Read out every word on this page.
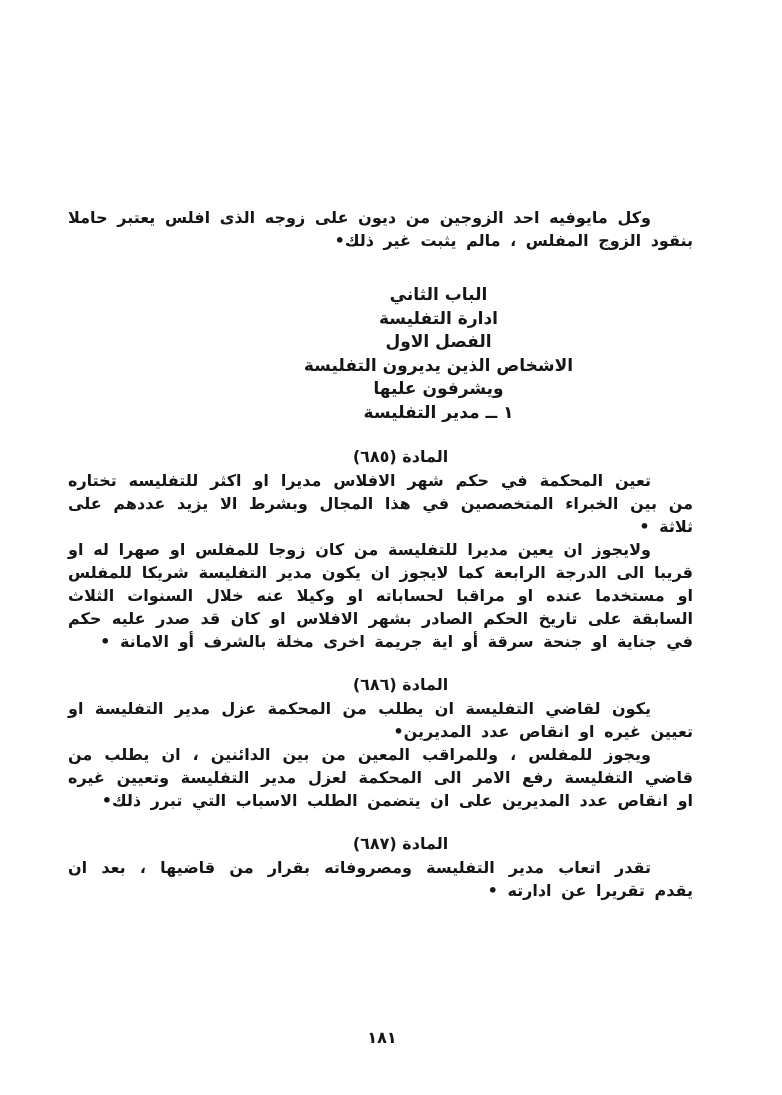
وكل مايوفيه احد الزوجين من ديون على زوجه الذى افلس يعتبر حاملا بنقود الزوج المفلس ، مالم يثبت غير ذلك•

الباب الثاني
ادارة التفليسة
الفصل الاول
الاشخاص الذين يديرون التفليسة
ويشرفون عليها
١ ــ مدير التفليسة
المادة (٦٨٥)

تعين المحكمة في حكم شهر الافلاس مديرا او اكثر للتفليسه تختاره من بين الخبراء المتخصصين في هذا المجال وبشرط الا يزيد عددهم على ثلاثة •

ولايجوز ان يعين مديرا للتفليسة من كان زوجا للمفلس او صهرا له او قريبا الى الدرجة الرابعة كما لايجوز ان يكون مدير التفليسة شريكا للمفلس او مستخدما عنده او مراقبا لحساباته او وكيلا عنه خلال السنوات الثلاث السابقة على تاريخ الحكم الصادر بشهر الافلاس او كان قد صدر عليه حكم في جناية او جنحة سرقة أو اية جريمة اخرى مخلة بالشرف أو الامانة •

المادة (٦٨٦)

يكون لقاضي التفليسة ان يطلب من المحكمة عزل مدير التفليسة او تعيين غيره او انقاص عدد المديرين•

ويجوز للمفلس ، وللمراقب المعين من بين الدائنين ، ان يطلب من قاضي التفليسة رفع الامر الى المحكمة لعزل مدير التفليسة وتعيين غيره او انقاص عدد المديرين على ان يتضمن الطلب الاسباب التي تبرر ذلك•

المادة (٦٨٧)

تقدر اتعاب مدير التفليسة ومصروفاته بقرار من قاضيها ، بعد ان يقدم تقريرا عن ادارته •

١٨١
